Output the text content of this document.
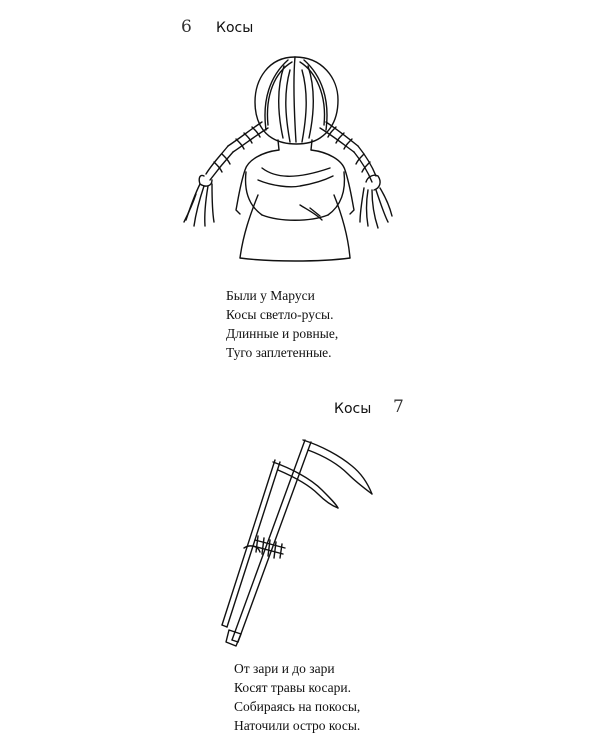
6 Косы
Были у Маруси
Косы светло-русы.
Длинные и ровные,
Туго заплетенные.
Косы 7
От зари и до зари
Косят травы косари.
Собираясь на покосы,
Наточили остро косы.
